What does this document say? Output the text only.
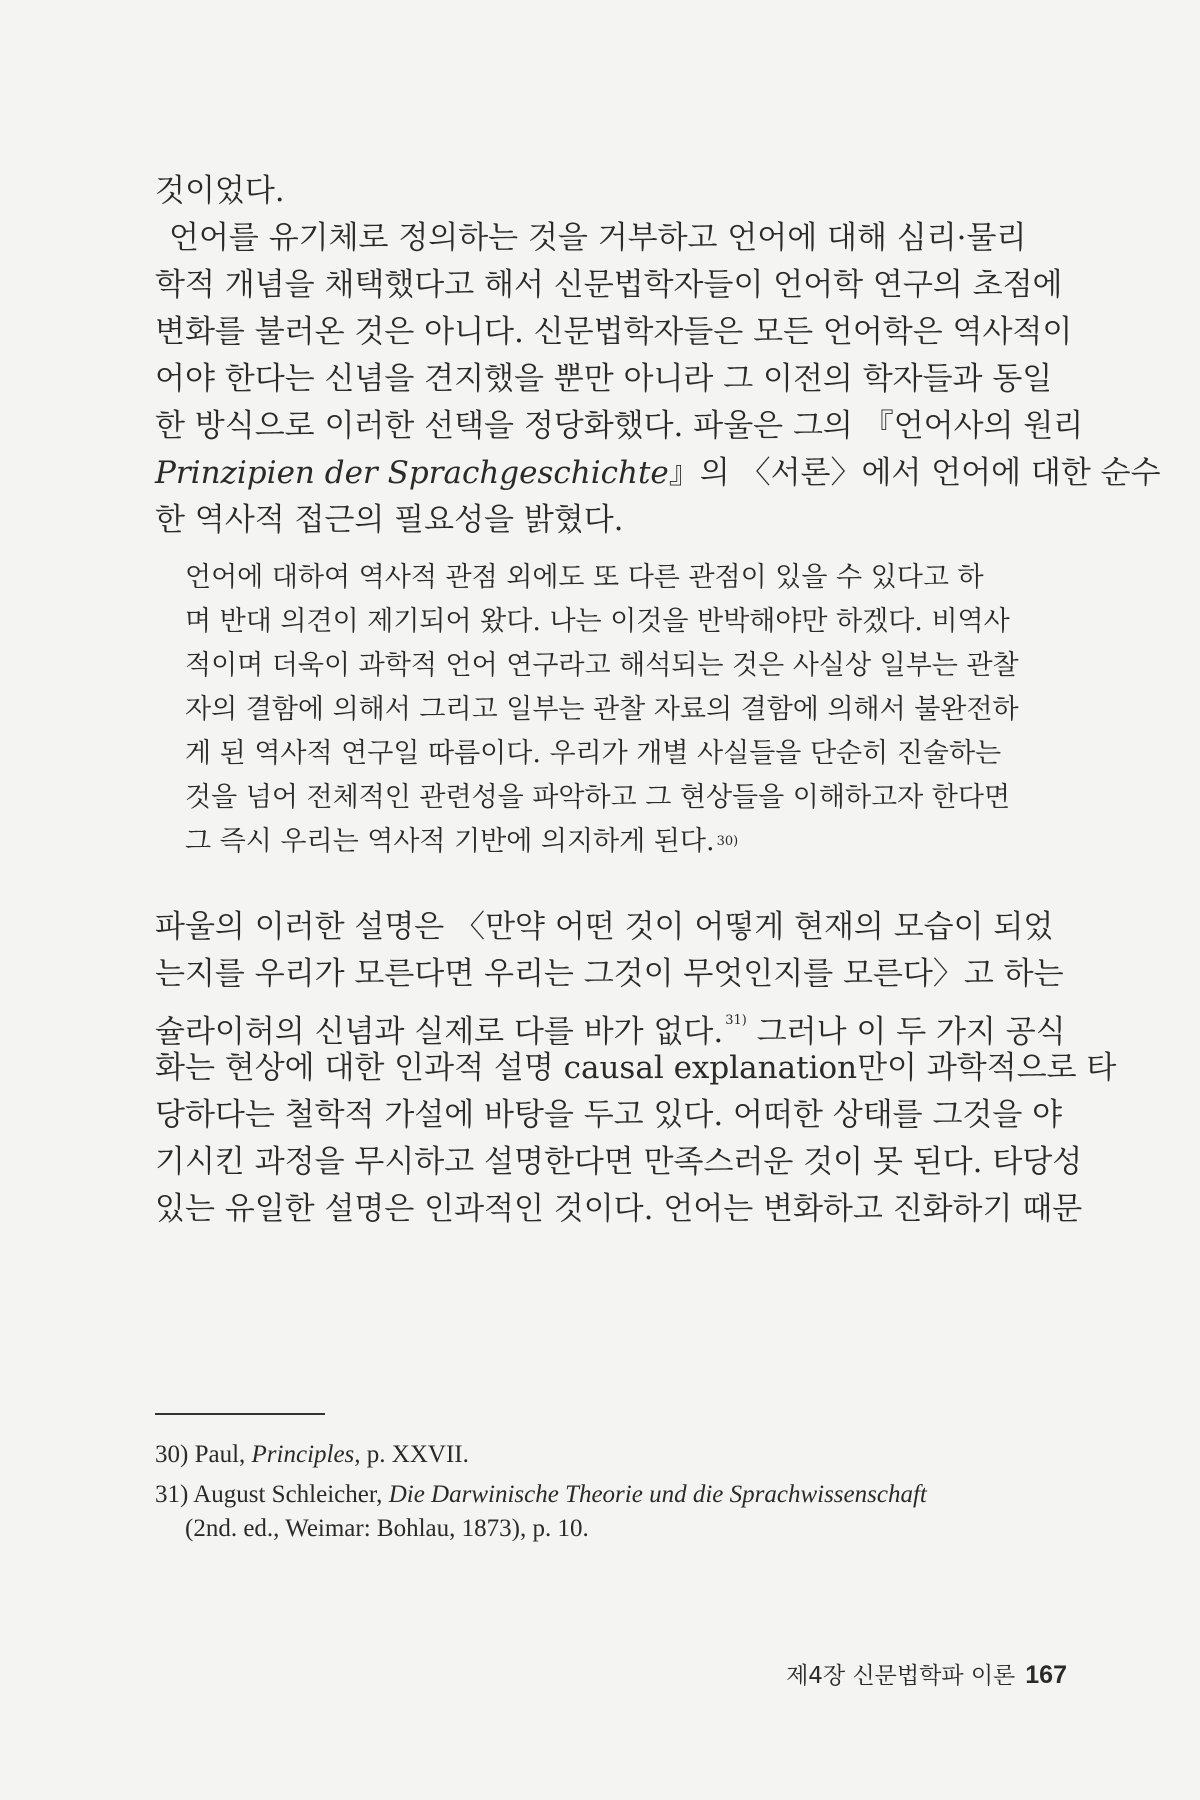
것이었다.
언어를 유기체로 정의하는 것을 거부하고 언어에 대해 심리·물리
학적 개념을 채택했다고 해서 신문법학자들이 언어학 연구의 초점에
변화를 불러온 것은 아니다. 신문법학자들은 모든 언어학은 역사적이
어야 한다는 신념을 견지했을 뿐만 아니라 그 이전의 학자들과 동일
한 방식으로 이러한 선택을 정당화했다. 파울은 그의 『언어사의 원리
Prinzipien der Sprachgeschichte』의 〈서론〉에서 언어에 대한 순수
한 역사적 접근의 필요성을 밝혔다.
언어에 대하여 역사적 관점 외에도 또 다른 관점이 있을 수 있다고 하
며 반대 의견이 제기되어 왔다. 나는 이것을 반박해야만 하겠다. 비역사
적이며 더욱이 과학적 언어 연구라고 해석되는 것은 사실상 일부는 관찰
자의 결함에 의해서 그리고 일부는 관찰 자료의 결함에 의해서 불완전하
게 된 역사적 연구일 따름이다. 우리가 개별 사실들을 단순히 진술하는
것을 넘어 전체적인 관련성을 파악하고 그 현상들을 이해하고자 한다면
그 즉시 우리는 역사적 기반에 의지하게 된다. 30)
파울의 이러한 설명은 〈만약 어떤 것이 어떻게 현재의 모습이 되었
는지를 우리가 모른다면 우리는 그것이 무엇인지를 모른다〉고 하는
슐라이허의 신념과 실제로 다를 바가 없다. $^{31)}$ 그러나 이 두 가지 공식
화는 현상에 대한 인과적 설명 causal explanation만이 과학적으로 타
당하다는 철학적 가설에 바탕을 두고 있다. 어떠한 상태를 그것을 야
기시킨 과정을 무시하고 설명한다면 만족스러운 것이 못 된다. 타당성
있는 유일한 설명은 인과적인 것이다. 언어는 변화하고 진화하기 때문
30) Paul, Principles, p. XXVII.
31) August Schleicher, Die Darwinische Theorie und die Sprachwissenschaft
(2nd. ed., Weimar: Bohlau, 1873), p. 10.
제4장 신문법학파 이론 167
